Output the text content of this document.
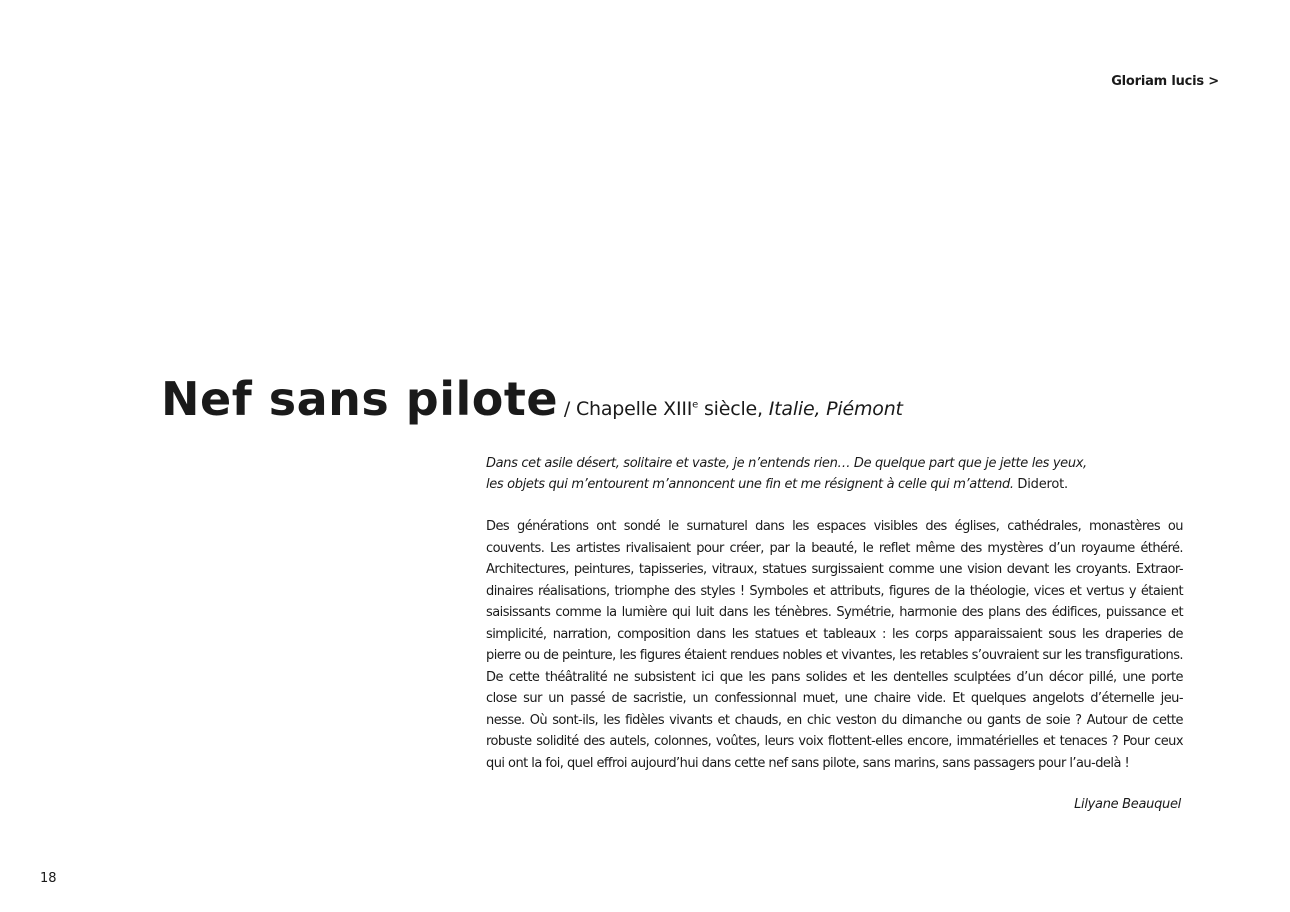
Gloriam lucis >
Nef sans pilote / Chapelle XIIIe siècle, Italie, Piémont
Dans cet asile désert, solitaire et vaste, je n’entends rien… De quelque part que je jette les yeux,
les objets qui m’entourent m’annoncent une fin et me résignent à celle qui m’attend. Diderot.
Des générations ont sondé le surnaturel dans les espaces visibles des églises, cathédrales, monastères ou
couvents. Les artistes rivalisaient pour créer, par la beauté, le reflet même des mystères d’un royaume éthéré.
Architectures, peintures, tapisseries, vitraux, statues surgissaient comme une vision devant les croyants. Extraor-
dinaires réalisations, triomphe des styles ! Symboles et attributs, figures de la théologie, vices et vertus y étaient
saisissants comme la lumière qui luit dans les ténèbres. Symétrie, harmonie des plans des édifices, puissance et
simplicité, narration, composition dans les statues et tableaux : les corps apparaissaient sous les draperies de
pierre ou de peinture, les figures étaient rendues nobles et vivantes, les retables s’ouvraient sur les transfigurations.
De cette théâtralité ne subsistent ici que les pans solides et les dentelles sculptées d’un décor pillé, une porte
close sur un passé de sacristie, un confessionnal muet, une chaire vide. Et quelques angelots d’éternelle jeu-
nesse. Où sont-ils, les fidèles vivants et chauds, en chic veston du dimanche ou gants de soie ? Autour de cette
robuste solidité des autels, colonnes, voûtes, leurs voix flottent-elles encore, immatérielles et tenaces ? Pour ceux
qui ont la foi, quel effroi aujourd’hui dans cette nef sans pilote, sans marins, sans passagers pour l’au-delà !
Lilyane Beauquel
18
